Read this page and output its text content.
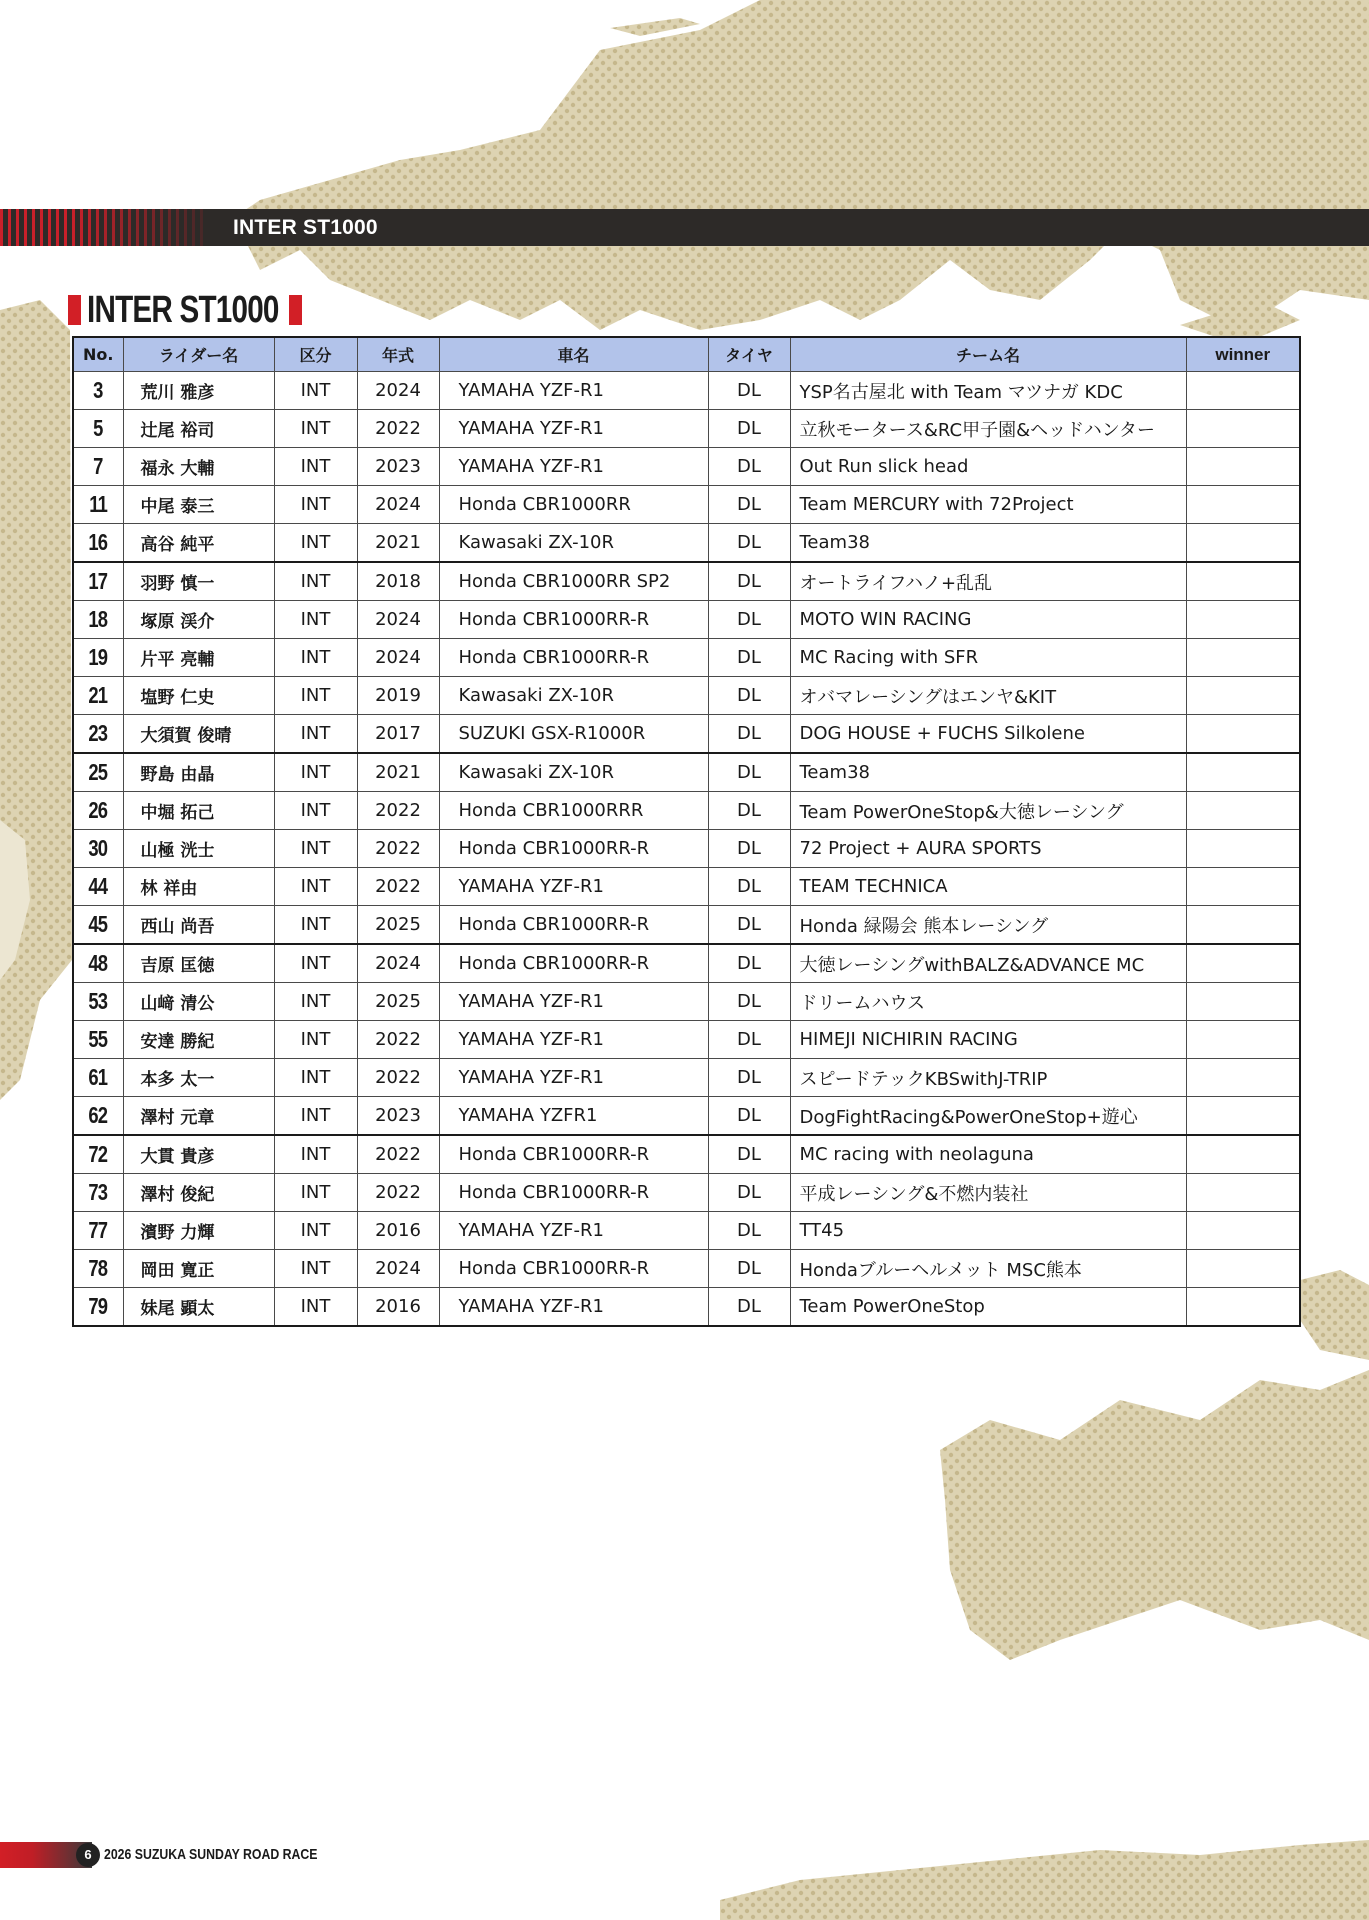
INTER ST1000
INTER ST1000
No.	ライダー名	区分	年式	車名	タイヤ	チーム名	winner
3	荒川 雅彦	INT	2024	YAMAHA YZF-R1	DL	YSP名古屋北 with Team マツナガ KDC	
5	辻尾 裕司	INT	2022	YAMAHA YZF-R1	DL	立秋モータース&RC甲子園&ヘッドハンター	
7	福永 大輔	INT	2023	YAMAHA YZF-R1	DL	Out Run slick head	
11	中尾 泰三	INT	2024	Honda CBR1000RR	DL	Team MERCURY with 72Project	
16	高谷 純平	INT	2021	Kawasaki ZX-10R	DL	Team38	
17	羽野 慎一	INT	2018	Honda CBR1000RR SP2	DL	オートライフハノ+乱乱	
18	塚原 渓介	INT	2024	Honda CBR1000RR-R	DL	MOTO WIN RACING	
19	片平 亮輔	INT	2024	Honda CBR1000RR-R	DL	MC Racing with SFR	
21	塩野 仁史	INT	2019	Kawasaki ZX-10R	DL	オバマレーシングはエンヤ&KIT	
23	大須賀 俊晴	INT	2017	SUZUKI GSX-R1000R	DL	DOG HOUSE + FUCHS Silkolene	
25	野島 由晶	INT	2021	Kawasaki ZX-10R	DL	Team38	
26	中堀 拓己	INT	2022	Honda CBR1000RRR	DL	Team PowerOneStop&大徳レーシング	
30	山極 洸士	INT	2022	Honda CBR1000RR-R	DL	72 Project + AURA SPORTS	
44	林 祥由	INT	2022	YAMAHA YZF-R1	DL	TEAM TECHNICA	
45	西山 尚吾	INT	2025	Honda CBR1000RR-R	DL	Honda 緑陽会 熊本レーシング	
48	吉原 匡徳	INT	2024	Honda CBR1000RR-R	DL	大徳レーシングwithBALZ&ADVANCE MC	
53	山﨑 清公	INT	2025	YAMAHA YZF-R1	DL	ドリームハウス	
55	安達 勝紀	INT	2022	YAMAHA YZF-R1	DL	HIMEJI NICHIRIN RACING	
61	本多 太一	INT	2022	YAMAHA YZF-R1	DL	スピードテックKBSwithJ-TRIP	
62	澤村 元章	INT	2023	YAMAHA YZFR1	DL	DogFightRacing&PowerOneStop+遊心	
72	大貫 貴彦	INT	2022	Honda CBR1000RR-R	DL	MC racing with neolaguna	
73	澤村 俊紀	INT	2022	Honda CBR1000RR-R	DL	平成レーシング&不燃内装社	
77	濱野 力輝	INT	2016	YAMAHA YZF-R1	DL	TT45	
78	岡田 寛正	INT	2024	Honda CBR1000RR-R	DL	Hondaブルーヘルメット MSC熊本	
79	妹尾 顕太	INT	2016	YAMAHA YZF-R1	DL	Team PowerOneStop	
6 2026 SUZUKA SUNDAY ROAD RACE
